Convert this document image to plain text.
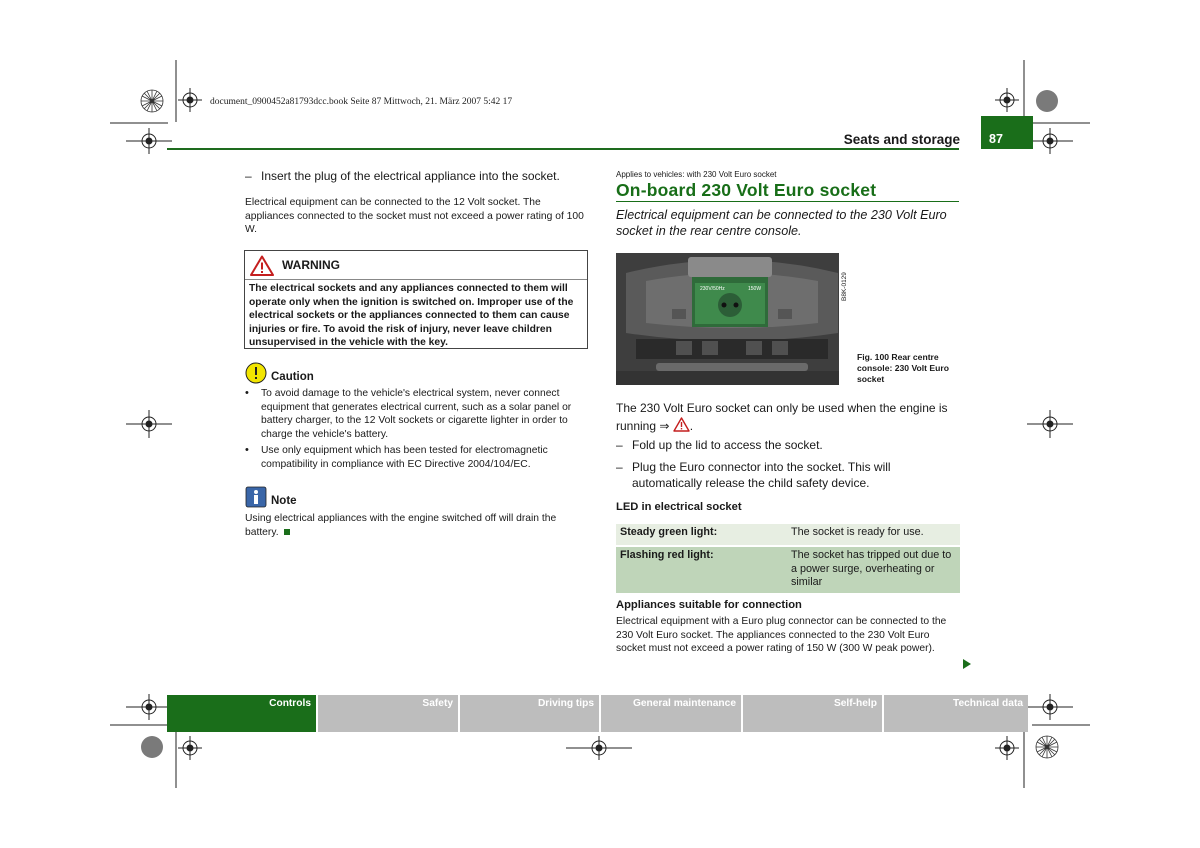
document_0900452a81793dcc.book Seite 87 Mittwoch, 21. März 2007 5:42 17
Seats and storage	87
– Insert the plug of the electrical appliance into the socket.
Electrical equipment can be connected to the 12 Volt socket. The appliances connected to the socket must not exceed a power rating of 100 W.
WARNING
The electrical sockets and any appliances connected to them will operate only when the ignition is switched on. Improper use of the electrical sockets or the appliances connected to them can cause injuries or fire. To avoid the risk of injury, never leave children unsupervised in the vehicle with the key.
Caution
•	To avoid damage to the vehicle's electrical system, never connect equipment that generates electrical current, such as a solar panel or battery charger, to the 12 Volt sockets or cigarette lighter in order to charge the vehicle's battery.
•	Use only equipment which has been tested for electromagnetic compatibility in compliance with EC Directive 2004/104/EC.
Note
Using electrical appliances with the engine switched off will drain the battery.
Applies to vehicles: with 230 Volt Euro socket
On-board 230 Volt Euro socket
Electrical equipment can be connected to the 230 Volt Euro socket in the rear centre console.
230V/50Hz	150W	B8K-0129
Fig. 100 Rear centre console: 230 Volt Euro socket
The 230 Volt Euro socket can only be used when the engine is running ⇒ .
– Fold up the lid to access the socket.
– Plug the Euro connector into the socket. This will automatically release the child safety device.
LED in electrical socket
Steady green light:	The socket is ready for use.
Flashing red light:	The socket has tripped out due to a power surge, overheating or similar
Appliances suitable for connection
Electrical equipment with a Euro plug connector can be connected to the 230 Volt Euro socket. The appliances connected to the 230 Volt Euro socket must not exceed a power rating of 150 W (300 W peak power).
Controls	Safety	Driving tips	General maintenance	Self-help	Technical data
